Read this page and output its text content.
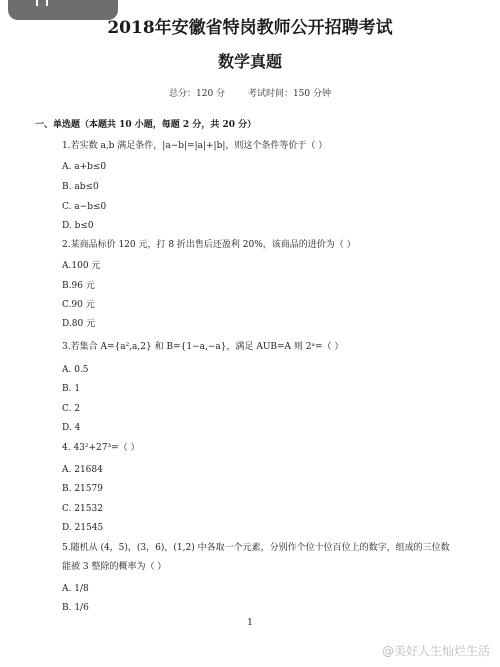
2018年安徽省特岗教师公开招聘考试
数学真题
总分：120 分	考试时间：150 分钟
一、单选题（本题共 10 小题，每题 2 分，共 20 分）
1.若实数 a,b 满足条件，|a−b|=|a|+|b|，则这个条件等价于（ ）
A. a+b≤0
B. ab≤0
C. a−b≤0
D. b≤0
2.某商品标价 120 元，打 8 折出售后还盈利 20%，该商品的进价为（ ）
A.100 元
B.96 元
C.90 元
D.80 元
3.若集合 A={a²,a,2} 和 B={1−a,−a}，满足 AUB=A 则 2ᵃ=（ ）
A. 0.5
B. 1
C. 2
D. 4
4. 43²+27³=（ ）
A. 21684
B. 21579
C. 21532
D. 21545
5.随机从 (4，5)，(3，6)，(1,2) 中各取一个元素，分别作个位十位百位上的数字，组成的三位数
能被 3 整除的概率为（ ）
A. 1/8
B. 1/6
1
@美好人生灿烂生活
